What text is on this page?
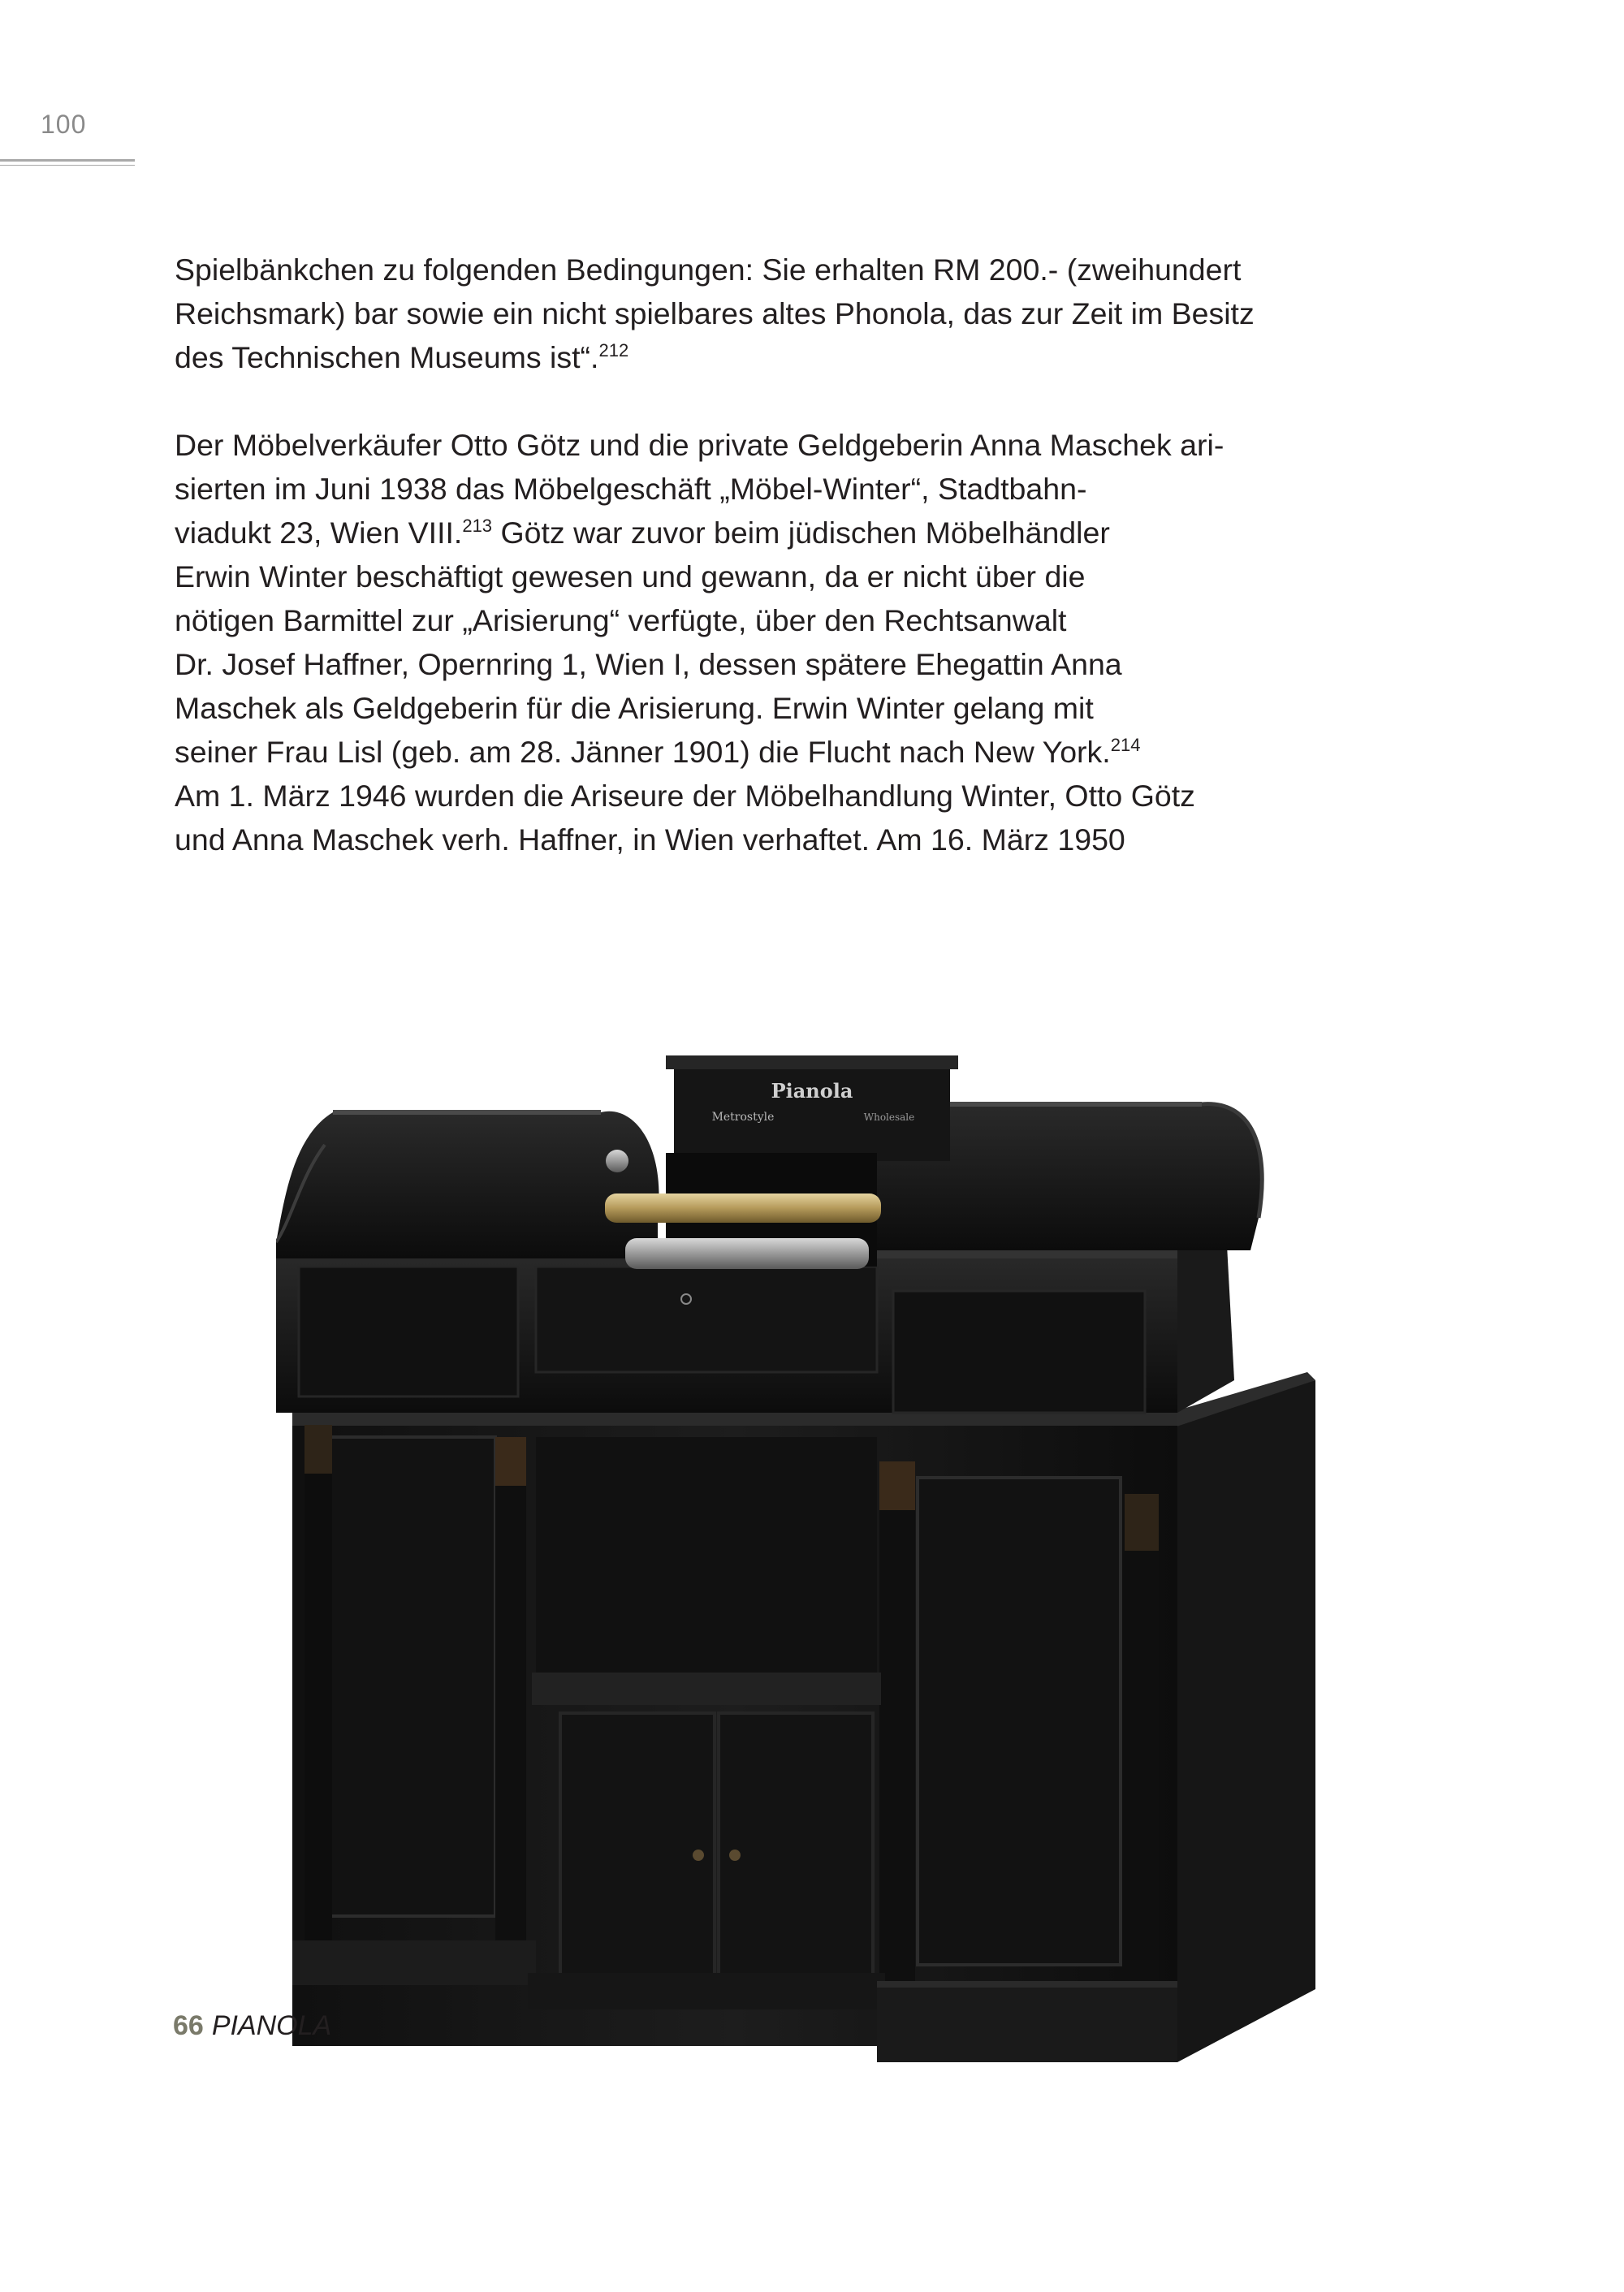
100

Spielbänkchen zu folgenden Bedingungen: Sie erhalten RM 200.- (zweihundert
Reichsmark) bar sowie ein nicht spielbares altes Phonola, das zur Zeit im Besitz
des Technischen Museums ist“.$^{212}$

Der Möbelverkäufer Otto Götz und die private Geldgeberin Anna Maschek ari-
sierten im Juni 1938 das Möbelgeschäft „Möbel-Winter“, Stadtbahn-
viadukt 23, Wien VIII.$^{213}$ Götz war zuvor beim jüdischen Möbelhändler
Erwin Winter beschäftigt gewesen und gewann, da er nicht über die
nötigen Barmittel zur „Arisierung“ verfügte, über den Rechtsanwalt
Dr. Josef Haffner, Opernring 1, Wien I, dessen spätere Ehegattin Anna
Maschek als Geldgeberin für die Arisierung. Erwin Winter gelang mit
seiner Frau Lisl (geb. am 28. Jänner 1901) die Flucht nach New York.$^{214}$
Am 1. März 1946 wurden die Ariseure der Möbelhandlung Winter, Otto Götz
und Anna Maschek verh. Haffner, in Wien verhaftet. Am 16. März 1950

Pianola
Metrostyle	Wholesale
66 PIANOLA
